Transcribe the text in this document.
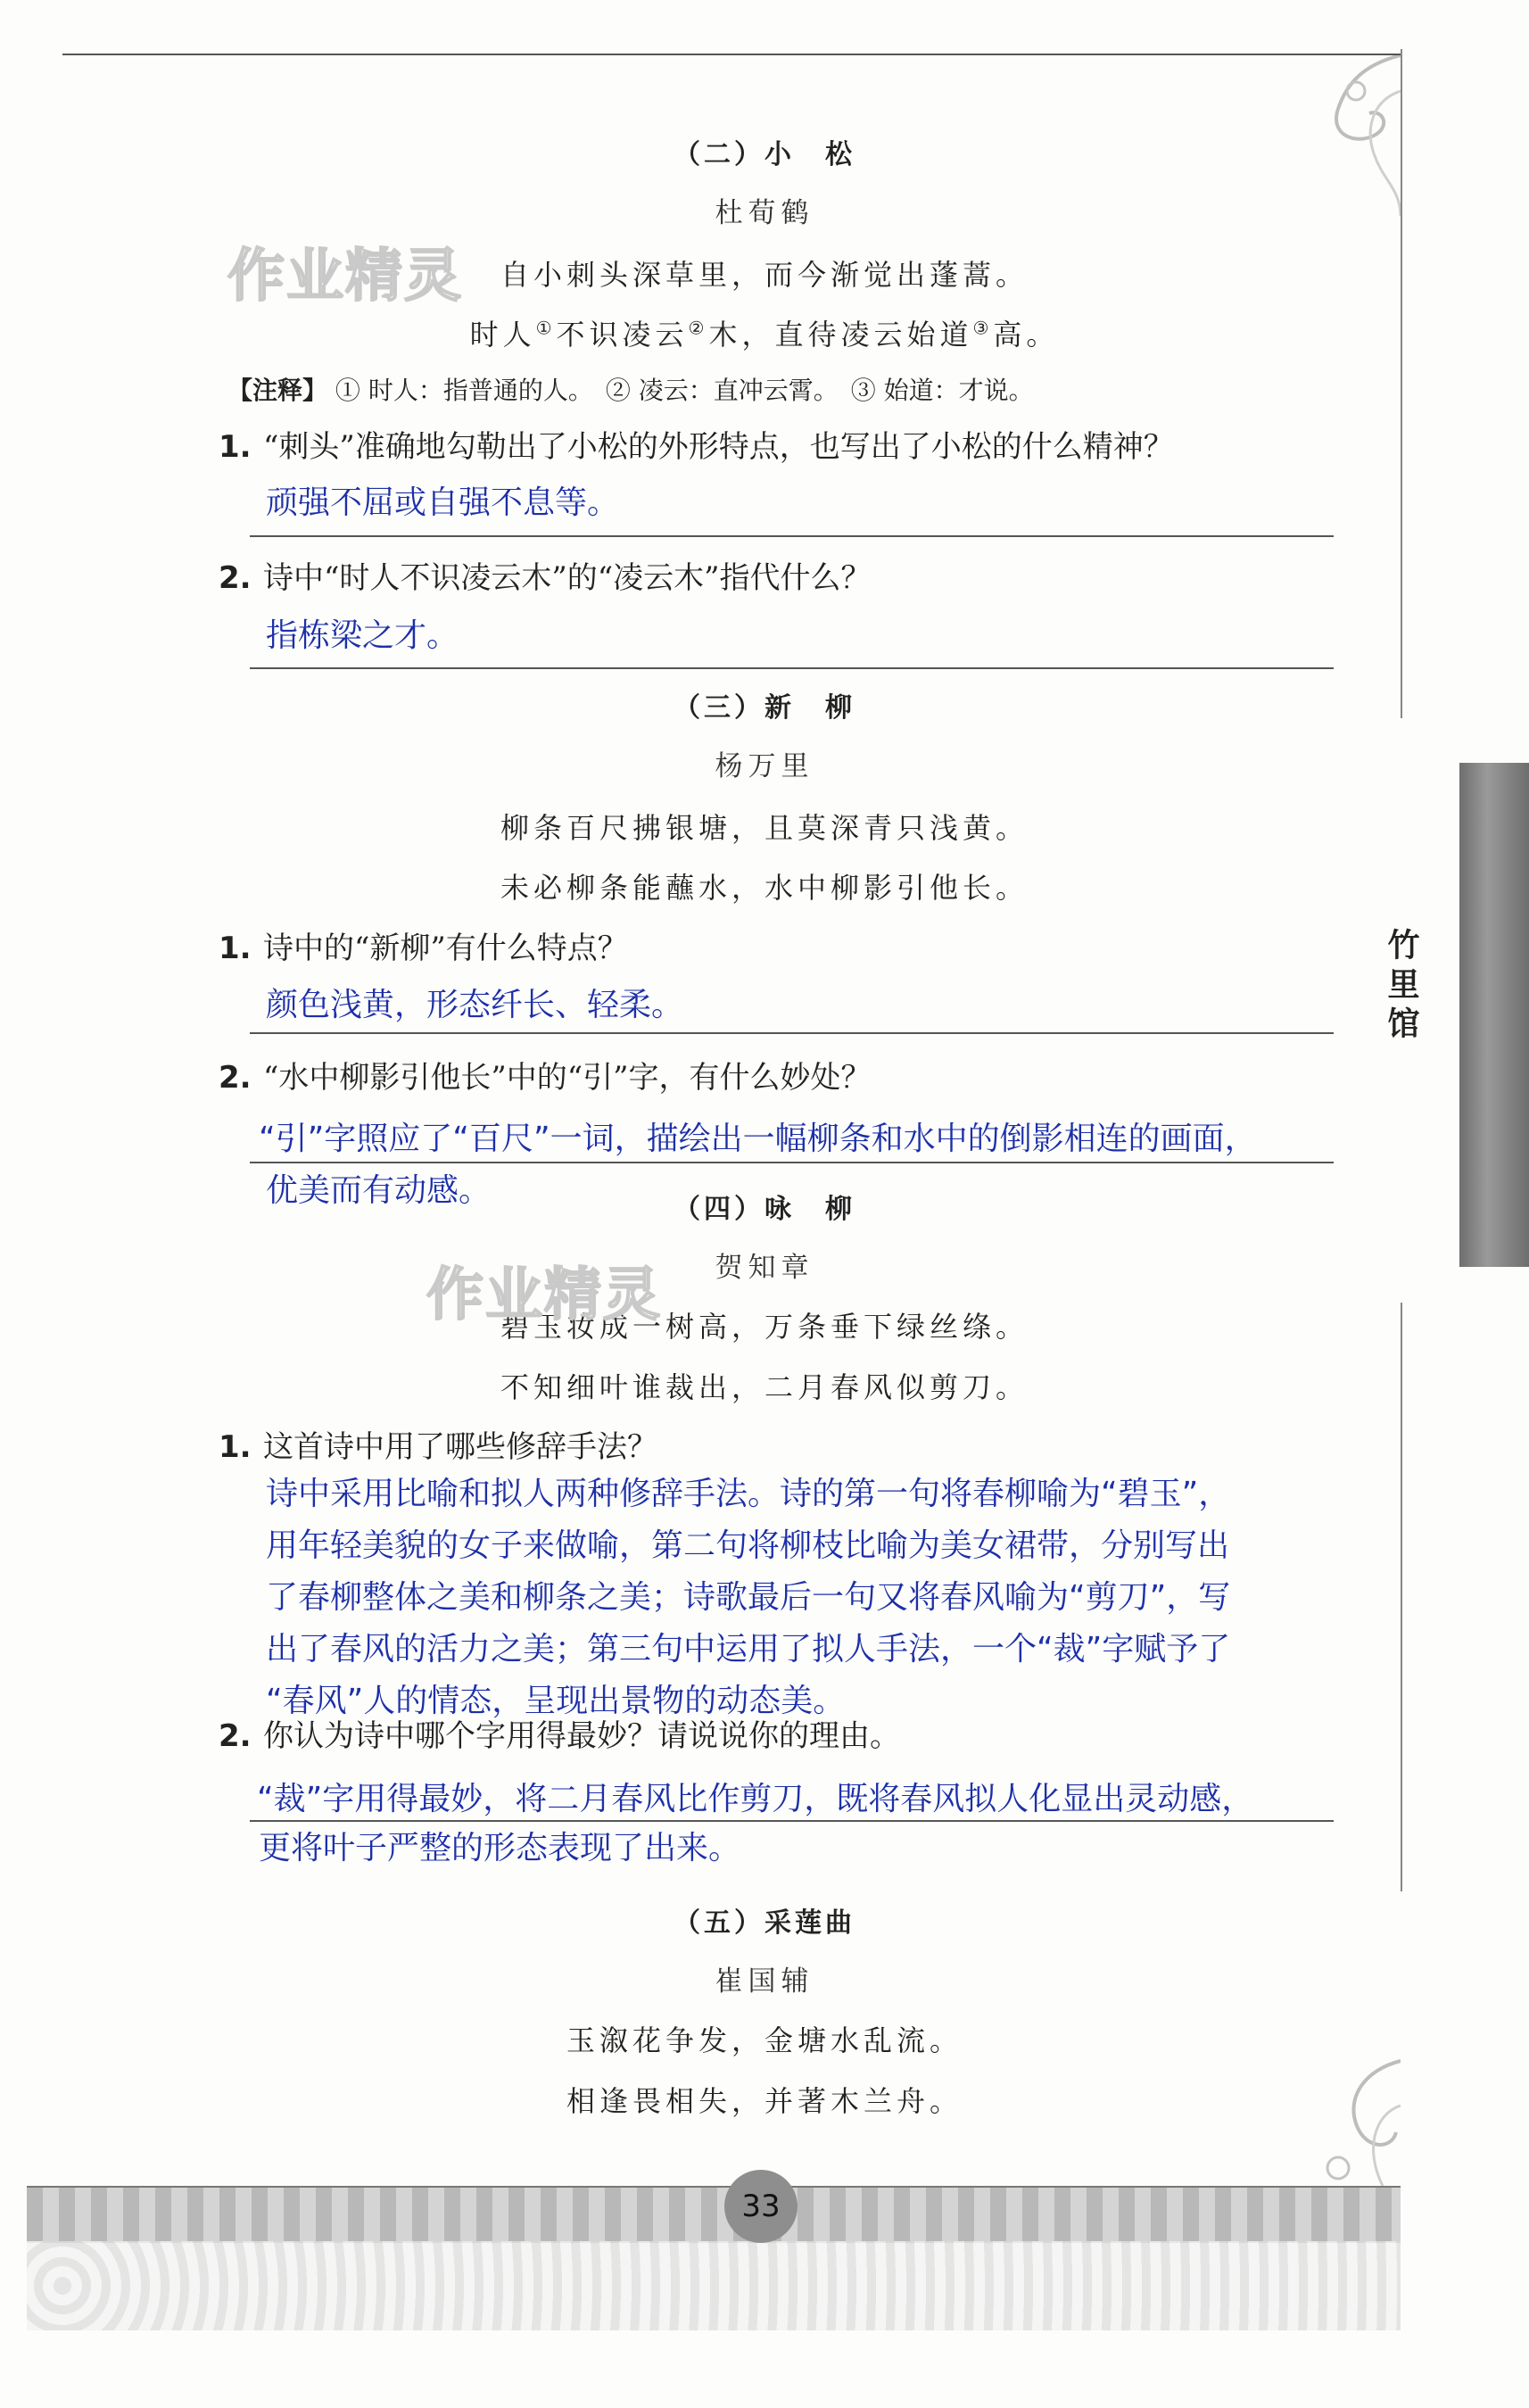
（二）小　松
杜荀鹤
自小刺头深草里，而今渐觉出蓬蒿。
时人①不识凌云②木，直待凌云始道③高。
【注释】 ① 时人：指普通的人。　② 凌云：直冲云霄。　③ 始道：才说。
作业精灵
1. “刺头”准确地勾勒出了小松的外形特点，也写出了小松的什么精神？
顽强不屈或自强不息等。
2. 诗中“时人不识凌云木”的“凌云木”指代什么？
指栋梁之才。
（三）新　柳
杨万里
柳条百尺拂银塘，且莫深青只浅黄。
未必柳条能蘸水，水中柳影引他长。
1. 诗中的“新柳”有什么特点？
颜色浅黄，形态纤长、轻柔。
2. “水中柳影引他长”中的“引”字，有什么妙处？
“引”字照应了“百尺”一词，描绘出一幅柳条和水中的倒影相连的画面，
优美而有动感。
（四）咏　柳
贺知章
碧玉妆成一树高，万条垂下绿丝绦。
不知细叶谁裁出，二月春风似剪刀。
作业精灵
1. 这首诗中用了哪些修辞手法？
诗中采用比喻和拟人两种修辞手法。诗的第一句将春柳喻为“碧玉”，
用年轻美貌的女子来做喻，第二句将柳枝比喻为美女裙带，分别写出
了春柳整体之美和柳条之美；诗歌最后一句又将春风喻为“剪刀”，写
出了春风的活力之美；第三句中运用了拟人手法，一个“裁”字赋予了
“春风”人的情态，呈现出景物的动态美。
2. 你认为诗中哪个字用得最妙？请说说你的理由。
“裁”字用得最妙，将二月春风比作剪刀，既将春风拟人化显出灵动感，
更将叶子严整的形态表现了出来。
（五）采莲曲
崔国辅
玉溆花争发，金塘水乱流。
相逢畏相失，并著木兰舟。
竹里馆
33
